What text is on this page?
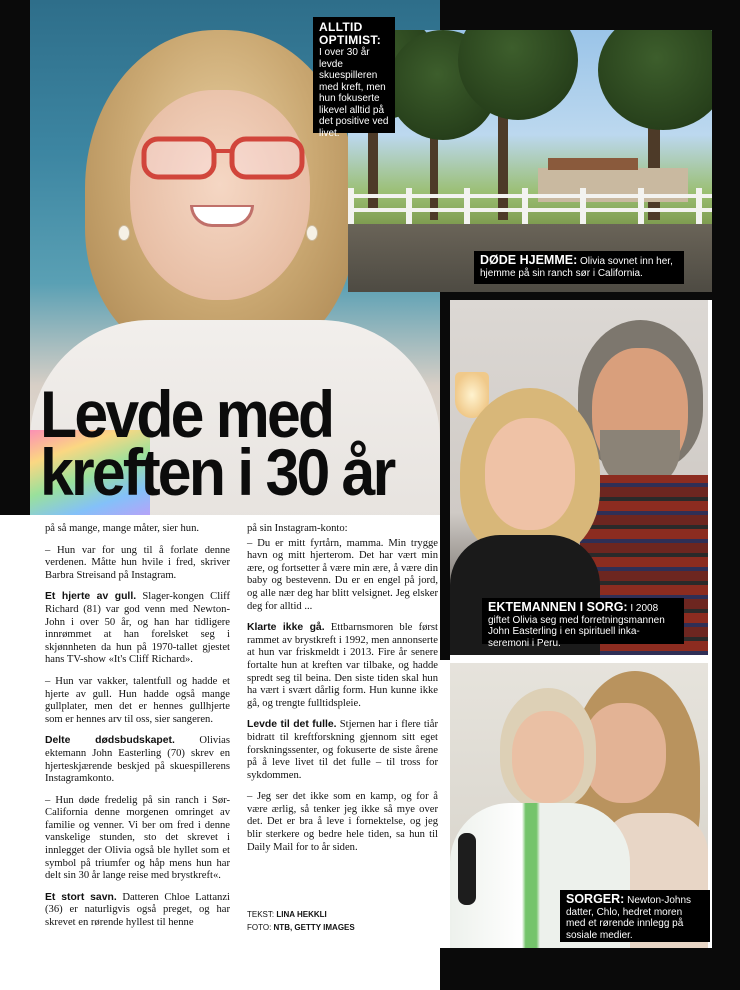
Levde med
kreften i 30 år
ALLTID OPTIMIST:
I over 30 år levde skuespilleren med kreft, men hun fokuserte likevel alltid på det positive ved livet.
DØDE HJEMME: Olivia sovnet inn her, hjemme på sin ranch sør i California.
EKTEMANNEN I SORG: I 2008 giftet Olivia seg med forretningsmannen John Easterling i en spirituell inka-seremoni i Peru.
SORGER: Newton-Johns datter, Chlo, hedret moren med et rørende innlegg på sosiale medier.

på så mange, mange måter, sier hun.

– Hun var for ung til å forlate denne verdenen. Måtte hun hvile i fred, skriver Barbra Streisand på Instagram.

Et hjerte av gull. Slager-kongen Cliff Richard (81) var god venn med Newton-John i over 50 år, og han har tidligere innrømmet at han forelsket seg i skjønnheten da hun på 1970-tallet gjestet hans TV-show «It's Cliff Richard».

– Hun var vakker, talentfull og hadde et hjerte av gull. Hun hadde også mange gullplater, men det er hennes gullhjerte som er hennes arv til oss, sier sangeren.

Delte dødsbudskapet. Olivias ektemann John Easterling (70) skrev en hjerteskjærende beskjed på skuespillerens Instagramkonto.

– Hun døde fredelig på sin ranch i Sør-California denne morgenen omringet av familie og venner. Vi ber om fred i denne vanskelige stunden, sto det skrevet i innlegget der Olivia også ble hyllet som et symbol på triumfer og håp mens hun har delt sin 30 år lange reise med brystkreft«.

Et stort savn. Datteren Chloe Lattanzi (36) er naturligvis også preget, og har skrevet en rørende hyllest til henne

på sin Instagram-konto:

– Du er mitt fyrtårn, mamma. Min trygge havn og mitt hjerterom. Det har vært min ære, og fortsetter å være min ære, å være din baby og bestevenn. Du er en engel på jord, og alle nær deg har blitt velsignet. Jeg elsker deg for alltid ...

Klarte ikke gå. Ettbarnsmoren ble først rammet av brystkreft i 1992, men annonserte at hun var friskmeldt i 2013. Fire år senere fortalte hun at kreften var tilbake, og hadde spredt seg til beina. Den siste tiden skal hun ha vært i svært dårlig form. Hun kunne ikke gå, og trengte fulltidspleie.

Levde til det fulle. Stjernen har i flere tiår bidratt til kreftforskning gjennom sitt eget forskningssenter, og fokuserte de siste årene på å leve livet til det fulle – til tross for sykdommen.

– Jeg ser det ikke som en kamp, og for å være ærlig, så tenker jeg ikke så mye over det. Det er bra å leve i fornektelse, og jeg blir sterkere og bedre hele tiden, sa hun til Daily Mail for to år siden.

TEKST: LINA HEKKLI
FOTO: NTB, GETTY IMAGES
